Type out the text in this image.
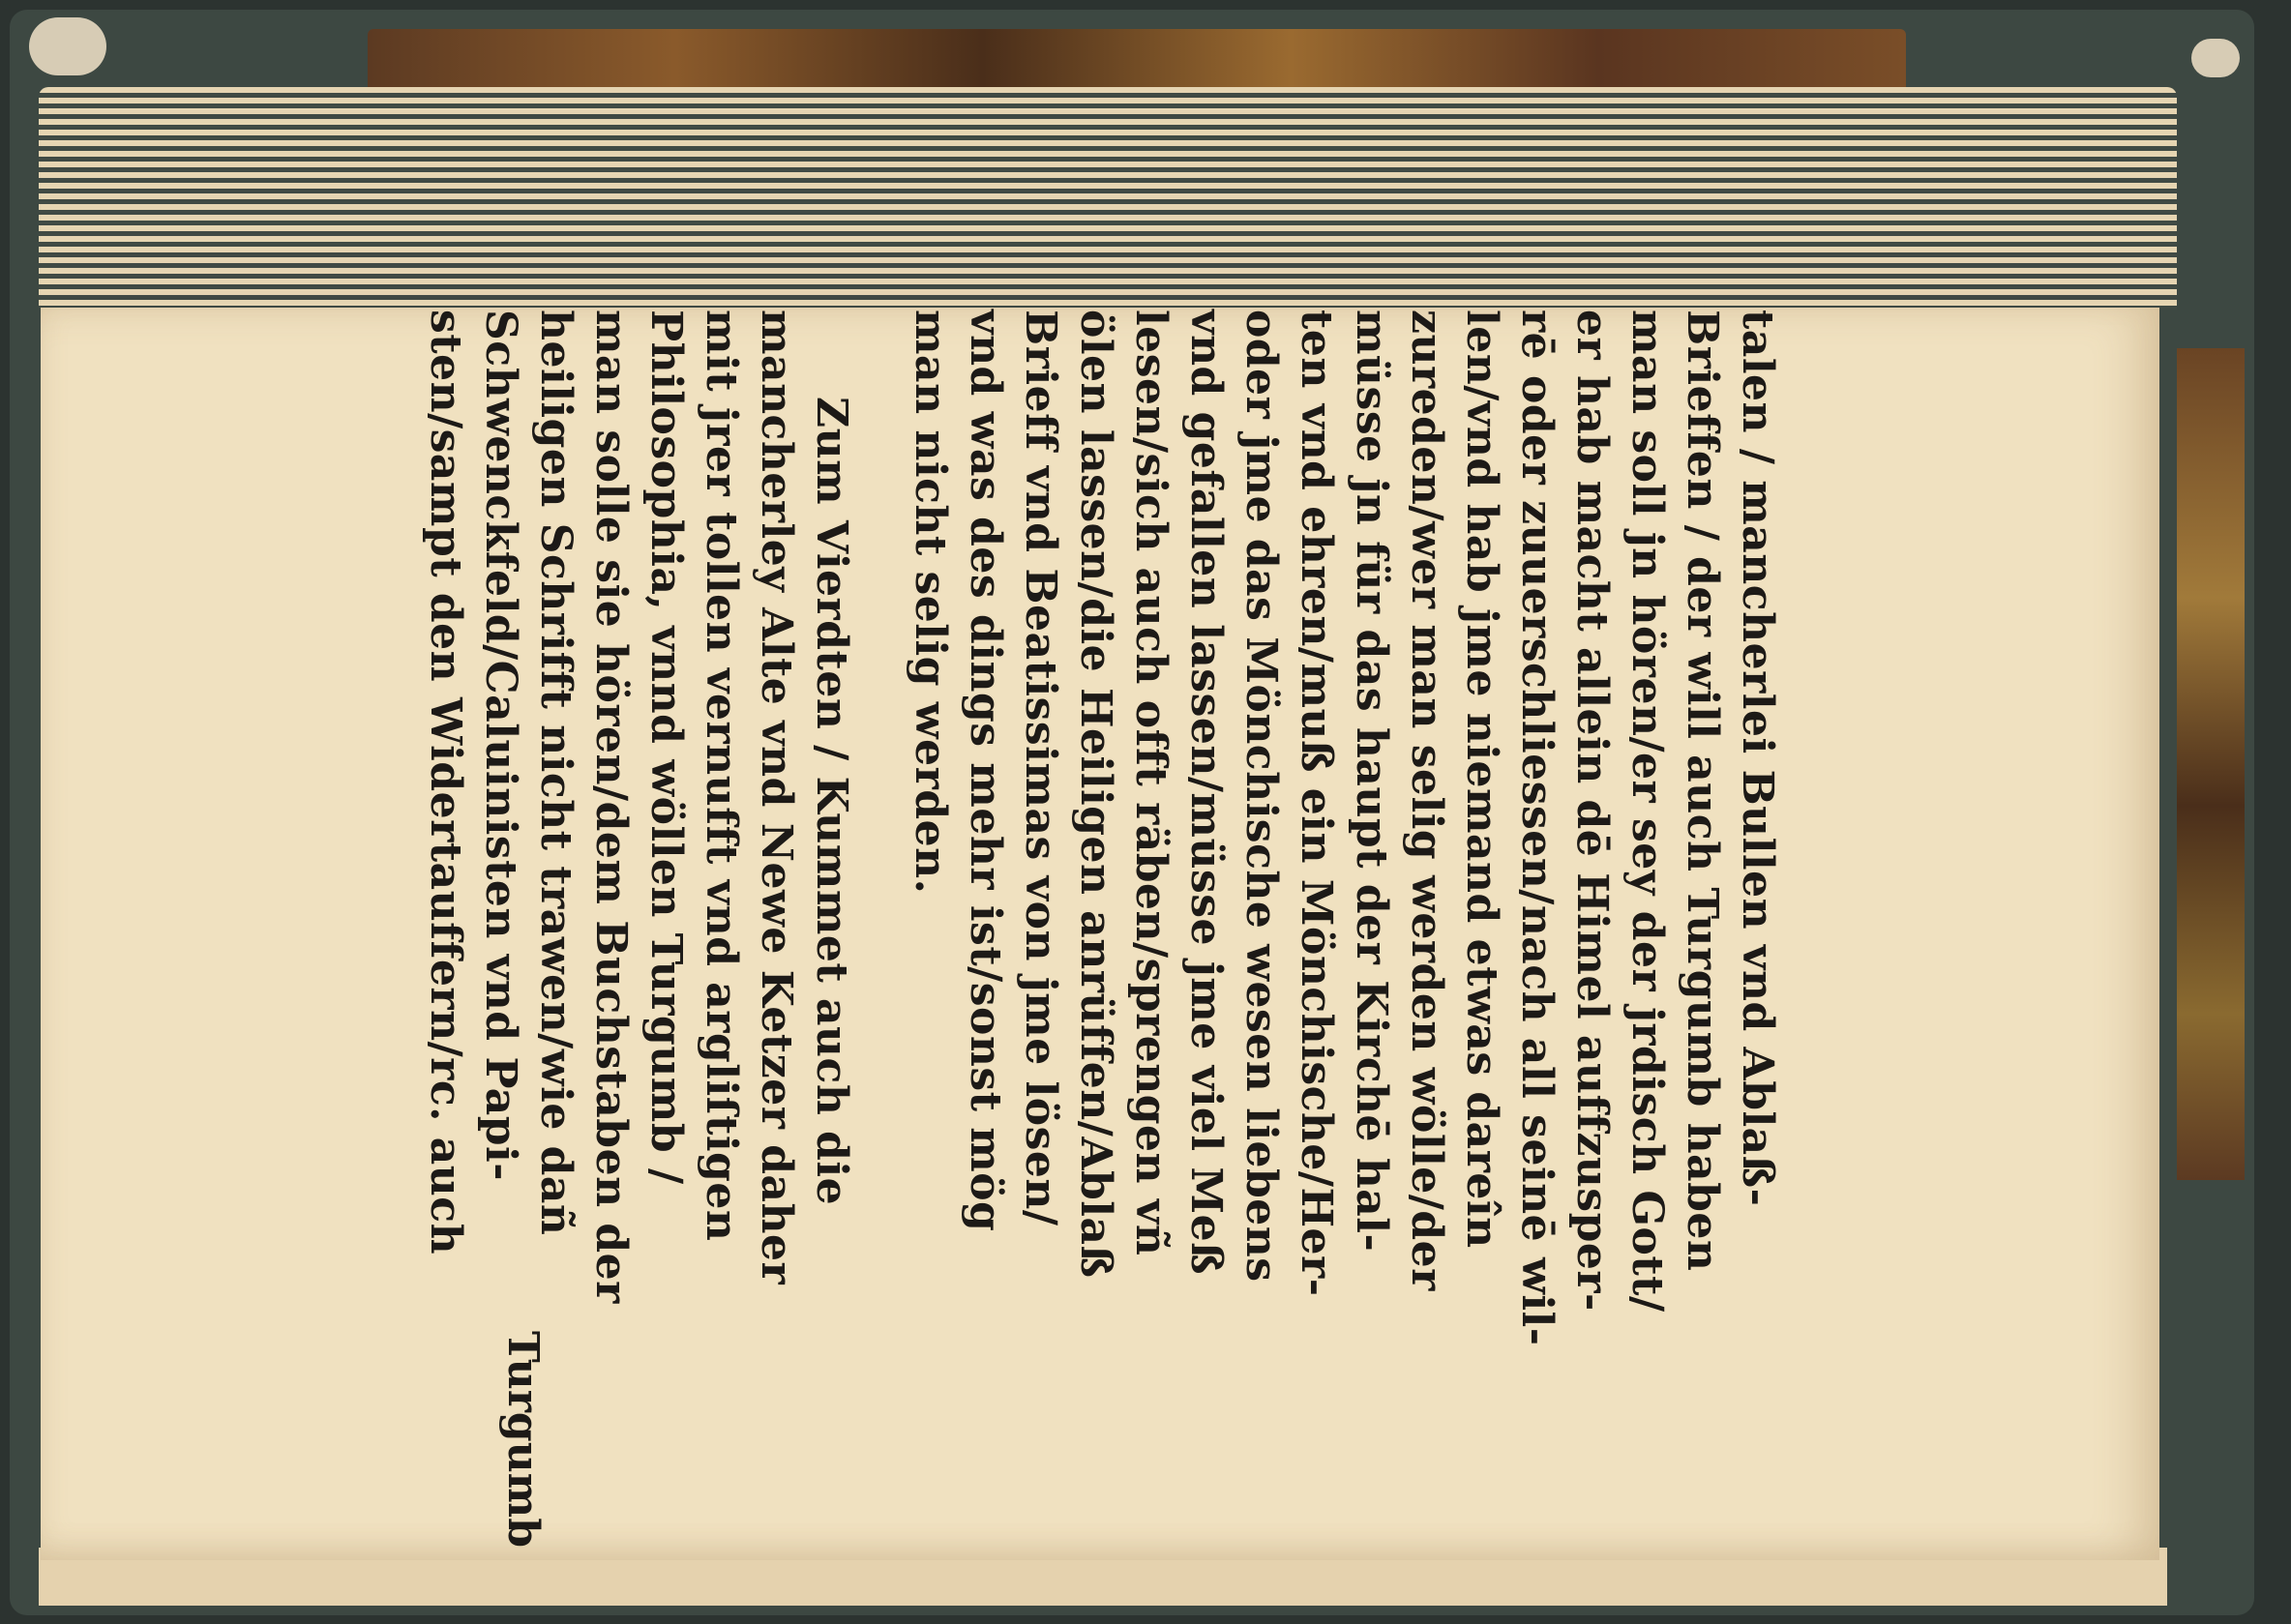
talen / mancherlei Bullen vnd Ablaß-
Brieffen / der will auch Turgumb haben
man soll jn hören/er sey der jrdisch Gott/
er hab macht allein dē Himel auffzusper-
rē oder zuuerschliessen/nach all seinē wil-
len/vnd hab jme niemand etwas dareîn
zureden/wer man selig werden wölle/der
müsse jn für das haupt der Kirchē hal-
ten vnd ehren/muß ein Mönchische/Her-
oder jme das Mönchische wesen liebens
vnd gefallen lassen/müsse jme viel Meß
lesen/sich auch offt räben/sprengen vñ
ölen lassen/die Heiligen anrüffen/Ablaß
Brieff vnd Beatissimas von jme lösen/
vnd was des dings mehr ist/sonst mög
man nicht selig werden.
Zum Vierdten / Kummet auch die
mancherley Alte vnd Newe Ketzer daher
mit jrer tollen vernufft vnd argliſtigen
Philosophia, vnnd wöllen Turgumb /
man solle sie hören/dem Buchstaben der
heiligen Schrifft nicht trawen/wie dañ
Schwenckfeld/Caluinisten vnd Papi-
sten/sampt den Widertauffern/rc. auch
Turgumb
